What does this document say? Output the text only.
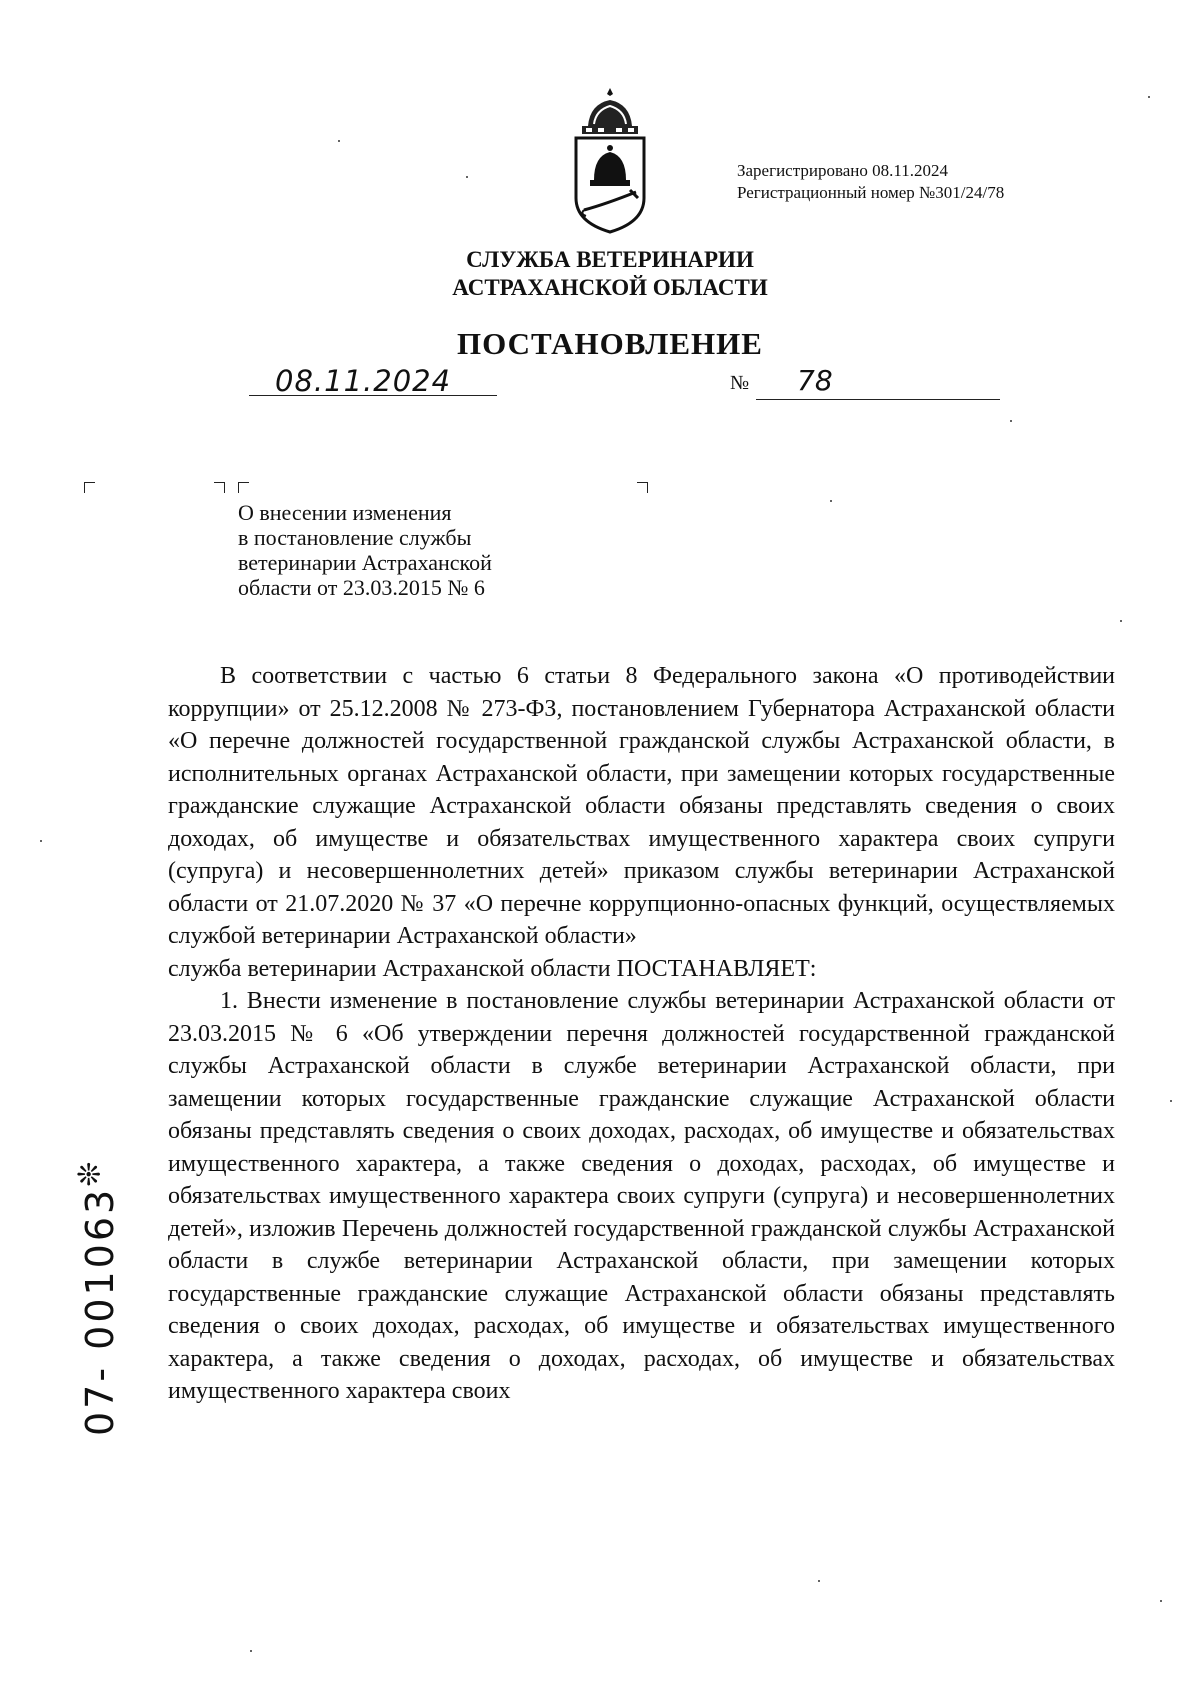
Зарегистрировано 08.11.2024
Регистрационный номер №301/24/78
СЛУЖБА ВЕТЕРИНАРИИ
АСТРАХАНСКОЙ ОБЛАСТИ
ПОСТАНОВЛЕНИЕ
08.11.2024	№ 78
О внесении изменения
в постановление службы
ветеринарии Астраханской
области от 23.03.2015 № 6

В соответствии с частью 6 статьи 8 Федерального закона «О противодействии коррупции» от 25.12.2008 № 273-ФЗ, постановлением Губернатора Астраханской области «О перечне должностей государственной гражданской службы Астраханской области, в исполнительных органах Астраханской области, при замещении которых государственные гражданские служащие Астраханской области обязаны представлять сведения о своих доходах, об имуществе и обязательствах имущественного характера своих супруги (супруга) и несовершеннолетних детей» приказом службы ветеринарии Астраханской области от 21.07.2020 № 37 «О перечне коррупционно-опасных функций, осуществляемых службой ветеринарии Астраханской области»

служба ветеринарии Астраханской области ПОСТАНАВЛЯЕТ:

1. Внести изменение в постановление службы ветеринарии Астраханской области от 23.03.2015 № 6 «Об утверждении перечня должностей государственной гражданской службы Астраханской области в службе ветеринарии Астраханской области, при замещении которых государственные гражданские служащие Астраханской области обязаны представлять сведения о своих доходах, расходах, об имуществе и обязательствах имущественного характера, а также сведения о доходах, расходах, об имуществе и обязательствах имущественного характера своих супруги (супруга) и несовершеннолетних детей», изложив Перечень должностей государственной гражданской службы Астраханской области в службе ветеринарии Астраханской области, при замещении которых государственные гражданские служащие Астраханской области обязаны представлять сведения о своих доходах, расходах, об имуществе и обязательствах имущественного характера, а также сведения о доходах, расходах, об имуществе и обязательствах имущественного характера своих

❊
07- 001063
